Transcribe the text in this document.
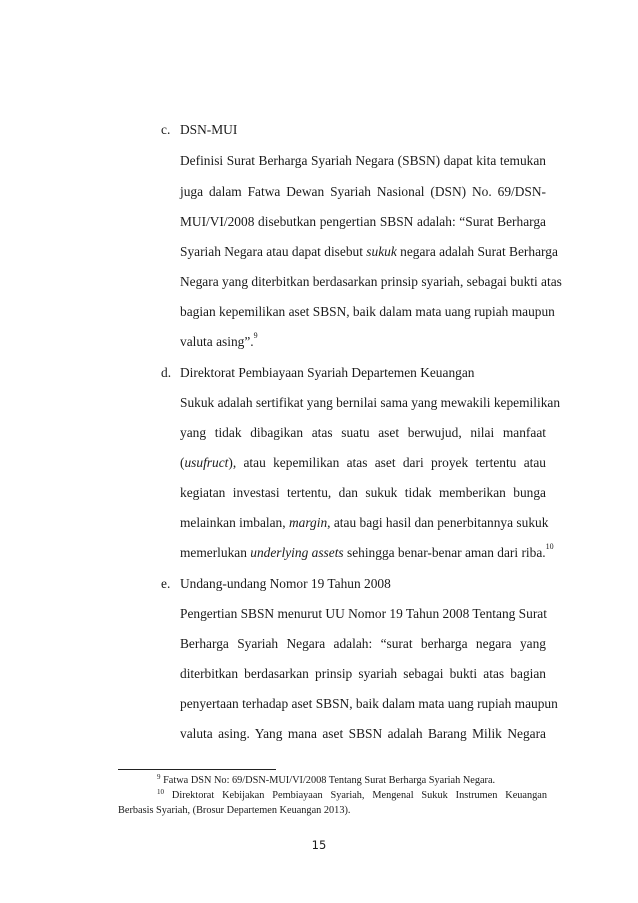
c. DSN-MUI
Definisi Surat Berharga Syariah Negara (SBSN) dapat kita temukan
juga dalam Fatwa Dewan Syariah Nasional (DSN) No. 69/DSN-
MUI/VI/2008 disebutkan pengertian SBSN adalah: “Surat Berharga
Syariah Negara atau dapat disebut sukuk negara adalah Surat Berharga
Negara yang diterbitkan berdasarkan prinsip syariah, sebagai bukti atas
bagian kepemilikan aset SBSN, baik dalam mata uang rupiah maupun
valuta asing”.$^9$
d. Direktorat Pembiayaan Syariah Departemen Keuangan
Sukuk adalah sertifikat yang bernilai sama yang mewakili kepemilikan
yang tidak dibagikan atas suatu aset berwujud, nilai manfaat
(usufruct), atau kepemilikan atas aset dari proyek tertentu atau
kegiatan investasi tertentu, dan sukuk tidak memberikan bunga
melainkan imbalan, margin, atau bagi hasil dan penerbitannya sukuk
memerlukan underlying assets sehingga benar-benar aman dari riba.$^{10}$
e. Undang-undang Nomor 19 Tahun 2008
Pengertian SBSN menurut UU Nomor 19 Tahun 2008 Tentang Surat
Berharga Syariah Negara adalah: “surat berharga negara yang
diterbitkan berdasarkan prinsip syariah sebagai bukti atas bagian
penyertaan terhadap aset SBSN, baik dalam mata uang rupiah maupun
valuta asing. Yang mana aset SBSN adalah Barang Milik Negara
$^9$ Fatwa DSN No: 69/DSN-MUI/VI/2008 Tentang Surat Berharga Syariah Negara.
$^{10}$ Direktorat Kebijakan Pembiayaan Syariah, Mengenal Sukuk Instrumen Keuangan
Berbasis Syariah, (Brosur Departemen Keuangan 2013).
15
